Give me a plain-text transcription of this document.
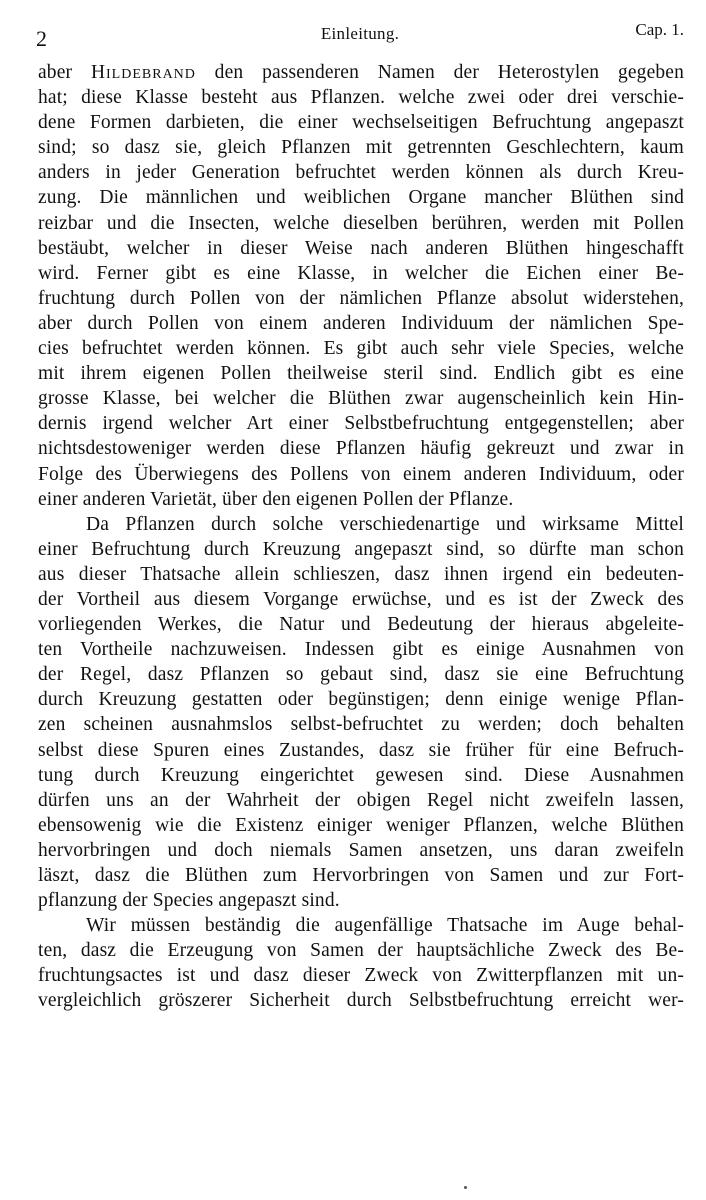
2	Einleitung.	Cap. 1.
aber Hildebrand den passenderen Namen der Heterostylen gegeben
hat; diese Klasse besteht aus Pflanzen. welche zwei oder drei verschie-
dene Formen darbieten, die einer wechselseitigen Befruchtung angepaszt
sind; so dasz sie, gleich Pflanzen mit getrennten Geschlechtern, kaum
anders in jeder Generation befruchtet werden können als durch Kreu-
zung. Die männlichen und weiblichen Organe mancher Blüthen sind
reizbar und die Insecten, welche dieselben berühren, werden mit Pollen
bestäubt, welcher in dieser Weise nach anderen Blüthen hingeschafft
wird. Ferner gibt es eine Klasse, in welcher die Eichen einer Be-
fruchtung durch Pollen von der nämlichen Pflanze absolut widerstehen,
aber durch Pollen von einem anderen Individuum der nämlichen Spe-
cies befruchtet werden können. Es gibt auch sehr viele Species, welche
mit ihrem eigenen Pollen theilweise steril sind. Endlich gibt es eine
grosse Klasse, bei welcher die Blüthen zwar augenscheinlich kein Hin-
dernis irgend welcher Art einer Selbstbefruchtung entgegenstellen; aber
nichtsdestoweniger werden diese Pflanzen häufig gekreuzt und zwar in
Folge des Überwiegens des Pollens von einem anderen Individuum, oder
einer anderen Varietät, über den eigenen Pollen der Pflanze.
Da Pflanzen durch solche verschiedenartige und wirksame Mittel
einer Befruchtung durch Kreuzung angepaszt sind, so dürfte man schon
aus dieser Thatsache allein schlieszen, dasz ihnen irgend ein bedeuten-
der Vortheil aus diesem Vorgange erwüchse, und es ist der Zweck des
vorliegenden Werkes, die Natur und Bedeutung der hieraus abgeleite-
ten Vortheile nachzuweisen. Indessen gibt es einige Ausnahmen von
der Regel, dasz Pflanzen so gebaut sind, dasz sie eine Befruchtung
durch Kreuzung gestatten oder begünstigen; denn einige wenige Pflan-
zen scheinen ausnahmslos selbst-befruchtet zu werden; doch behalten
selbst diese Spuren eines Zustandes, dasz sie früher für eine Befruch-
tung durch Kreuzung eingerichtet gewesen sind. Diese Ausnahmen
dürfen uns an der Wahrheit der obigen Regel nicht zweifeln lassen,
ebensowenig wie die Existenz einiger weniger Pflanzen, welche Blüthen
hervorbringen und doch niemals Samen ansetzen, uns daran zweifeln
läszt, dasz die Blüthen zum Hervorbringen von Samen und zur Fort-
pflanzung der Species angepaszt sind.
Wir müssen beständig die augenfällige Thatsache im Auge behal-
ten, dasz die Erzeugung von Samen der hauptsächliche Zweck des Be-
fruchtungsactes ist und dasz dieser Zweck von Zwitterpflanzen mit un-
vergleichlich gröszerer Sicherheit durch Selbstbefruchtung erreicht wer-
